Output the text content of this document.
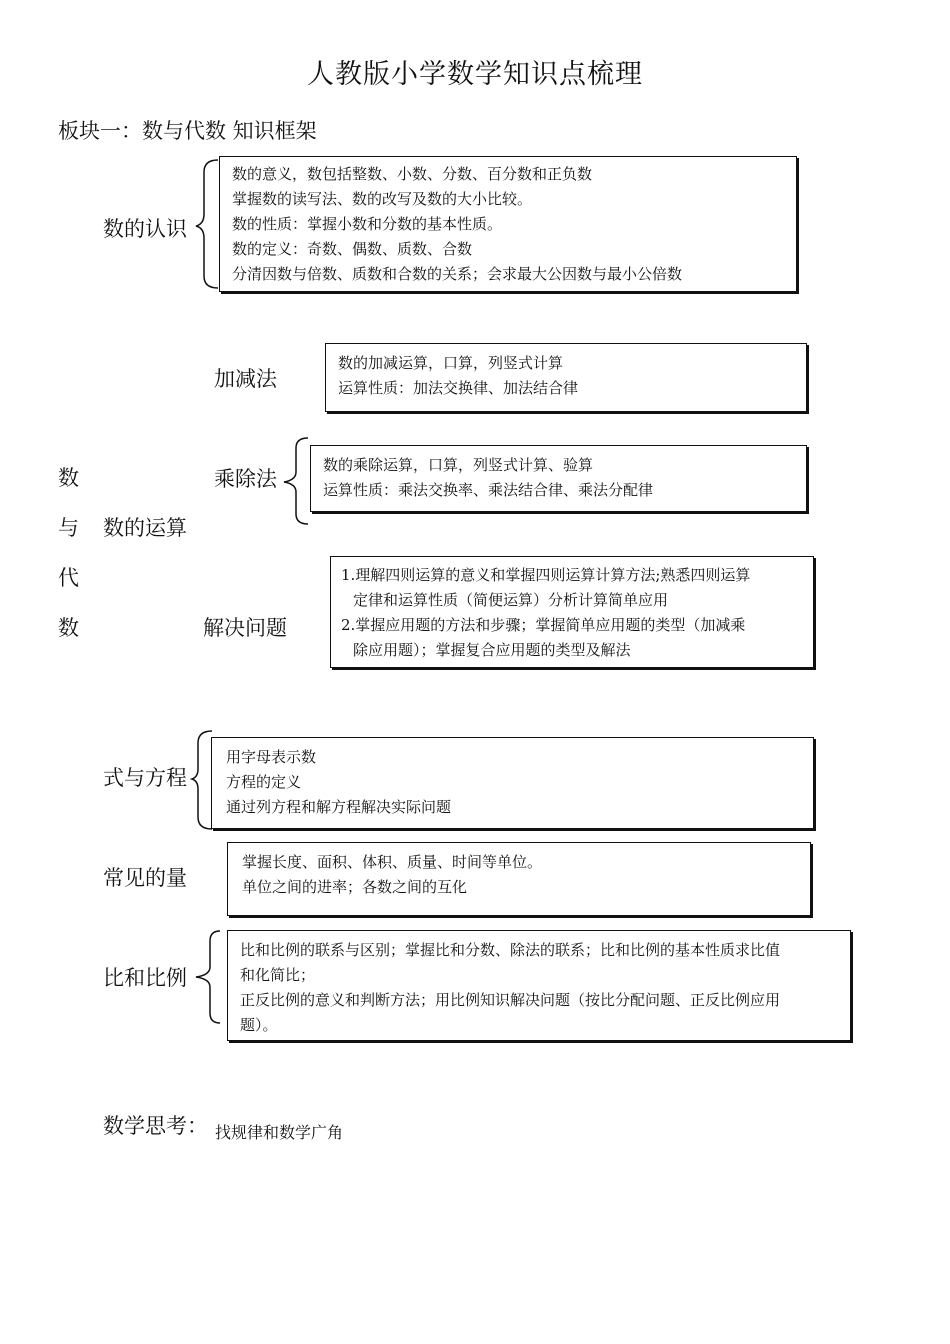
人教版小学数学知识点梳理
板块一：数与代数 知识框架
数
与
代
数
数的认识
数的意义，数包括整数、小数、分数、百分数和正负数
掌握数的读写法、数的改写及数的大小比较。
数的性质：掌握小数和分数的基本性质。
数的定义：奇数、偶数、质数、合数
分清因数与倍数、质数和合数的关系；会求最大公因数与最小公倍数
加减法
数的加减运算，口算，列竖式计算
运算性质：加法交换律、加法结合律
乘除法
数的乘除运算，口算，列竖式计算、验算
运算性质：乘法交换率、乘法结合律、乘法分配律
数的运算
解决问题
1.理解四则运算的意义和掌握四则运算计算方法;熟悉四则运算
定律和运算性质（简便运算）分析计算简单应用
2.掌握应用题的方法和步骤；掌握简单应用题的类型（加减乘
除应用题）；掌握复合应用题的类型及解法
式与方程
用字母表示数
方程的定义
通过列方程和解方程解决实际问题
常见的量
掌握长度、面积、体积、质量、时间等单位。
单位之间的进率；各数之间的互化
比和比例
比和比例的联系与区别；掌握比和分数、除法的联系；比和比例的基本性质求比值
和化简比；
正反比例的意义和判断方法；用比例知识解决问题（按比分配问题、正反比例应用
题）。
数学思考： 找规律和数学广角
